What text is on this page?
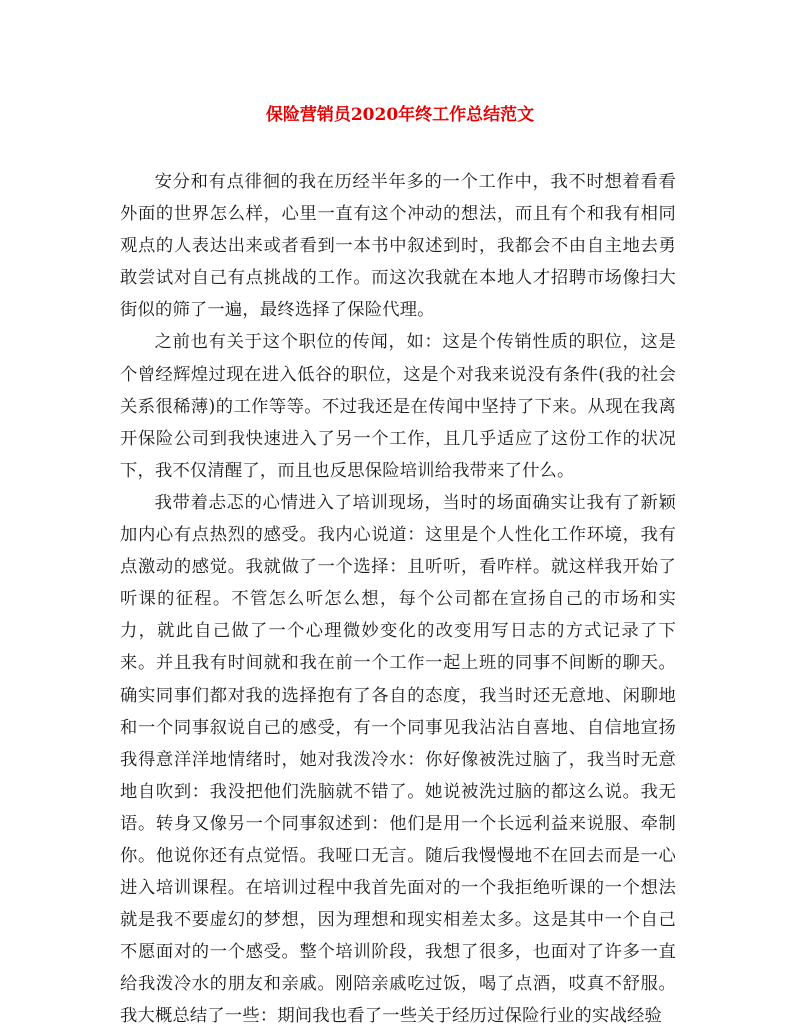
保险营销员2020年终工作总结范文

安分和有点徘徊的我在历经半年多的一个工作中，我不时想着看看外面的世界怎么样，心里一直有这个冲动的想法，而且有个和我有相同观点的人表达出来或者看到一本书中叙述到时，我都会不由自主地去勇敢尝试对自己有点挑战的工作。而这次我就在本地人才招聘市场像扫大街似的筛了一遍，最终选择了保险代理。

之前也有关于这个职位的传闻，如：这是个传销性质的职位，这是个曾经辉煌过现在进入低谷的职位，这是个对我来说没有条件(我的社会关系很稀薄)的工作等等。不过我还是在传闻中坚持了下来。从现在我离开保险公司到我快速进入了另一个工作，且几乎适应了这份工作的状况下，我不仅清醒了，而且也反思保险培训给我带来了什么。

我带着忐忑的心情进入了培训现场，当时的场面确实让我有了新颖加内心有点热烈的感受。我内心说道：这里是个人性化工作环境，我有点激动的感觉。我就做了一个选择：且听听，看咋样。就这样我开始了听课的征程。不管怎么听怎么想，每个公司都在宣扬自己的市场和实力，就此自己做了一个心理微妙变化的改变用写日志的方式记录了下来。并且我有时间就和我在前一个工作一起上班的同事不间断的聊天。确实同事们都对我的选择抱有了各自的态度，我当时还无意地、闲聊地和一个同事叙说自己的感受，有一个同事见我沾沾自喜地、自信地宣扬我得意洋洋地情绪时，她对我泼冷水：你好像被洗过脑了，我当时无意地自吹到：我没把他们洗脑就不错了。她说被洗过脑的都这么说。我无语。转身又像另一个同事叙述到：他们是用一个长远利益来说服、牵制你。他说你还有点觉悟。我哑口无言。随后我慢慢地不在回去而是一心进入培训课程。在培训过程中我首先面对的一个我拒绝听课的一个想法就是我不要虚幻的梦想，因为理想和现实相差太多。这是其中一个自己不愿面对的一个感受。整个培训阶段，我想了很多，也面对了许多一直给我泼冷水的朋友和亲戚。刚陪亲戚吃过饭，喝了点酒，哎真不舒服。我大概总结了一些：期间我也看了一些关于经历过保险行业的实战经验
